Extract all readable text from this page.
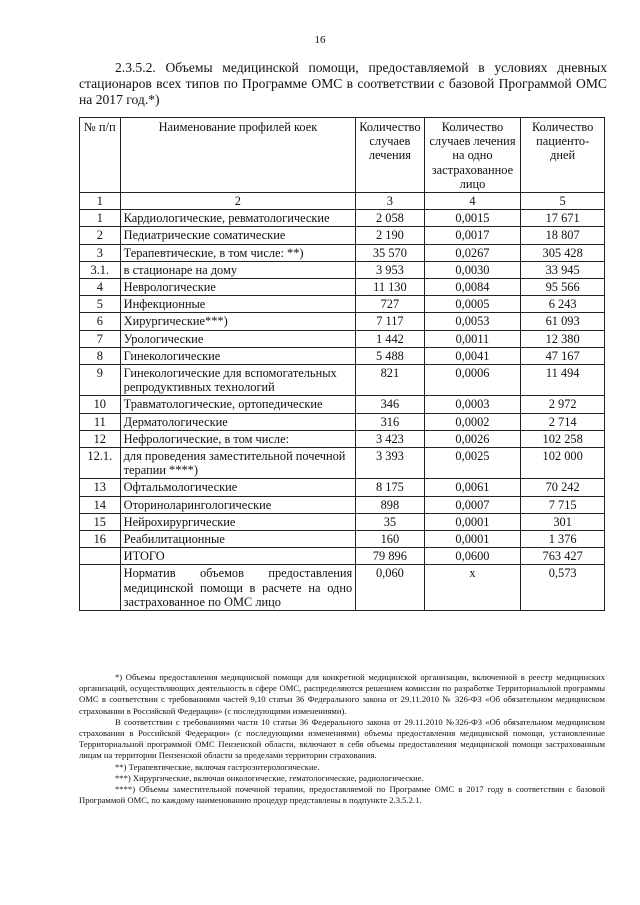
16

2.3.5.2. Объемы медицинской помощи, предоставляемой в условиях дневных стационаров всех типов по Программе ОМС в соответствии с базовой Программой ОМС на 2017 год.*)

№ п/п	Наименование профилей коек	Количество случаев лечения	Количество случаев лечения на одно застрахованное лицо	Количество пациенто-дней
1	2	3	4	5
1	Кардиологические, ревматологические	2 058	0,0015	17 671
2	Педиатрические соматические	2 190	0,0017	18 807
3	Терапевтические, в том числе: **)	35 570	0,0267	305 428
3.1.	в стационаре на дому	3 953	0,0030	33 945
4	Неврологические	11 130	0,0084	95 566
5	Инфекционные	727	0,0005	6 243
6	Хирургические***)	7 117	0,0053	61 093
7	Урологические	1 442	0,0011	12 380
8	Гинекологические	5 488	0,0041	47 167
9	Гинекологические для вспомогательных репродуктивных технологий	821	0,0006	11 494
10	Травматологические, ортопедические	346	0,0003	2 972
11	Дерматологические	316	0,0002	2 714
12	Нефрологические, в том числе:	3 423	0,0026	102 258
12.1.	для проведения заместительной почечной терапии ****)	3 393	0,0025	102 000
13	Офтальмологические	8 175	0,0061	70 242
14	Оториноларингологические	898	0,0007	7 715
15	Нейрохирургические	35	0,0001	301
16	Реабилитационные	160	0,0001	1 376
	ИТОГО	79 896	0,0600	763 427
	Норматив объемов предоставления медицинской помощи в расчете на одно застрахованное по ОМС лицо	0,060	х	0,573

*) Объемы предоставления медицинской помощи для конкретной медицинской организации, включенной в реестр медицинских организаций, осуществляющих деятельность в сфере ОМС, распределяются решением комиссии по разработке Территориальной программы ОМС в соответствии с требованиями частей 9,10 статьи 36 Федерального закона от 29.11.2010 № 326-ФЗ «Об обязательном медицинском страховании в Российской Федерации» (с последующими изменениями).

В соответствии с требованиями части 10 статьи 36 Федерального закона от 29.11.2010 №326-ФЗ «Об обязательном медицинском страховании в Российской Федерации» (с последующими изменениями) объемы предоставления медицинской помощи, установленные Территориальной программой ОМС Пензенской области, включают в себя объемы предоставления медицинской помощи застрахованным лицам на территории Пензенской области за пределами территории страхования.

**) Терапевтические, включая гастроэнтерологические.

***) Хирургические, включая онкологические, гематологические, радиологические.

****) Объемы заместительной почечной терапии, предоставляемой по Программе ОМС в 2017 году в соответствии с базовой Программой ОМС, по каждому наименованию процедур представлены в подпункте 2.3.5.2.1.
